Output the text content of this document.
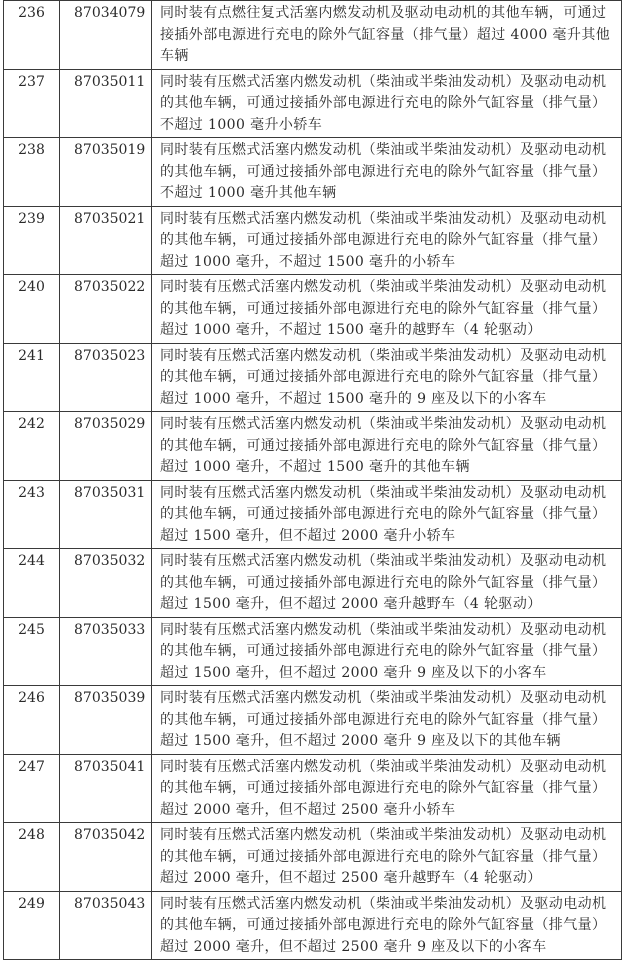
236	87034079	同时装有点燃往复式活塞内燃发动机及驱动电动机的其他车辆，可通过接插外部电源进行充电的除外气缸容量（排气量）超过 4000 毫升其他车辆
237	87035011	同时装有压燃式活塞内燃发动机（柴油或半柴油发动机）及驱动电动机的其他车辆，可通过接插外部电源进行充电的除外气缸容量（排气量）不超过 1000 毫升小轿车
238	87035019	同时装有压燃式活塞内燃发动机（柴油或半柴油发动机）及驱动电动机的其他车辆，可通过接插外部电源进行充电的除外气缸容量（排气量）不超过 1000 毫升其他车辆
239	87035021	同时装有压燃式活塞内燃发动机（柴油或半柴油发动机）及驱动电动机的其他车辆，可通过接插外部电源进行充电的除外气缸容量（排气量）超过 1000 毫升，不超过 1500 毫升的小轿车
240	87035022	同时装有压燃式活塞内燃发动机（柴油或半柴油发动机）及驱动电动机的其他车辆，可通过接插外部电源进行充电的除外气缸容量（排气量）超过 1000 毫升，不超过 1500 毫升的越野车（4 轮驱动）
241	87035023	同时装有压燃式活塞内燃发动机（柴油或半柴油发动机）及驱动电动机的其他车辆，可通过接插外部电源进行充电的除外气缸容量（排气量）超过 1000 毫升，不超过 1500 毫升的 9 座及以下的小客车
242	87035029	同时装有压燃式活塞内燃发动机（柴油或半柴油发动机）及驱动电动机的其他车辆，可通过接插外部电源进行充电的除外气缸容量（排气量）超过 1000 毫升，不超过 1500 毫升的其他车辆
243	87035031	同时装有压燃式活塞内燃发动机（柴油或半柴油发动机）及驱动电动机的其他车辆，可通过接插外部电源进行充电的除外气缸容量（排气量）超过 1500 毫升，但不超过 2000 毫升小轿车
244	87035032	同时装有压燃式活塞内燃发动机（柴油或半柴油发动机）及驱动电动机的其他车辆，可通过接插外部电源进行充电的除外气缸容量（排气量）超过 1500 毫升，但不超过 2000 毫升越野车（4 轮驱动）
245	87035033	同时装有压燃式活塞内燃发动机（柴油或半柴油发动机）及驱动电动机的其他车辆，可通过接插外部电源进行充电的除外气缸容量（排气量）超过 1500 毫升，但不超过 2000 毫升 9 座及以下的小客车
246	87035039	同时装有压燃式活塞内燃发动机（柴油或半柴油发动机）及驱动电动机的其他车辆，可通过接插外部电源进行充电的除外气缸容量（排气量）超过 1500 毫升，但不超过 2000 毫升 9 座及以下的其他车辆
247	87035041	同时装有压燃式活塞内燃发动机（柴油或半柴油发动机）及驱动电动机的其他车辆，可通过接插外部电源进行充电的除外气缸容量（排气量）超过 2000 毫升，但不超过 2500 毫升小轿车
248	87035042	同时装有压燃式活塞内燃发动机（柴油或半柴油发动机）及驱动电动机的其他车辆，可通过接插外部电源进行充电的除外气缸容量（排气量）超过 2000 毫升，但不超过 2500 毫升越野车（4 轮驱动）
249	87035043	同时装有压燃式活塞内燃发动机（柴油或半柴油发动机）及驱动电动机的其他车辆，可通过接插外部电源进行充电的除外气缸容量（排气量）超过 2000 毫升，但不超过 2500 毫升 9 座及以下的小客车
